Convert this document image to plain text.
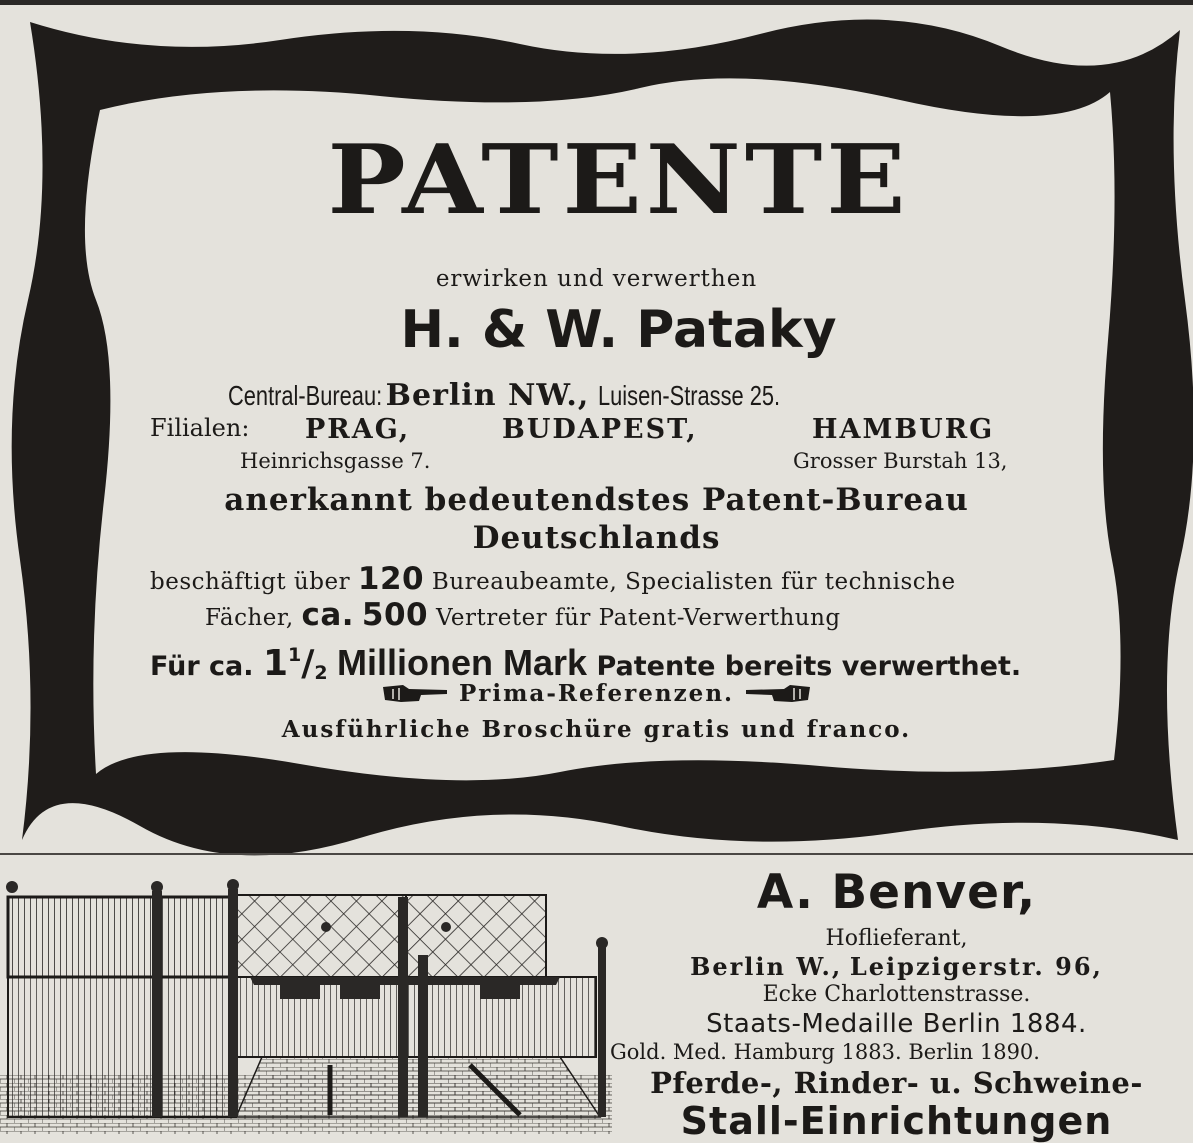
PATENTE
erwirken und verwerthen
H. & W. Pataky
Central-Bureau: Berlin NW., Luisen-Strasse 25.
Filialen: PRAG,	BUDAPEST,	HAMBURG
Heinrichsgasse 7.	Grosser Burstah 13,
anerkannt bedeutendstes Patent-Bureau
Deutschlands
beschäftigt über 120 Bureaubeamte, Specialisten für technische
Fächer, ca. 500 Vertreter für Patent-Verwerthung
Für ca. $1^1/_2$ Millionen Mark Patente bereits verwerthet.
Prima-Referenzen.
Ausführliche Broschüre gratis und franco.
A. Benver,
Hoflieferant,
Berlin W., Leipzigerstr. 96,
Ecke Charlottenstrasse.
Staats-Medaille Berlin 1884.
Gold. Med. Hamburg 1883. Berlin 1890.
Pferde-, Rinder- u. Schweine-
Stall-Einrichtungen
